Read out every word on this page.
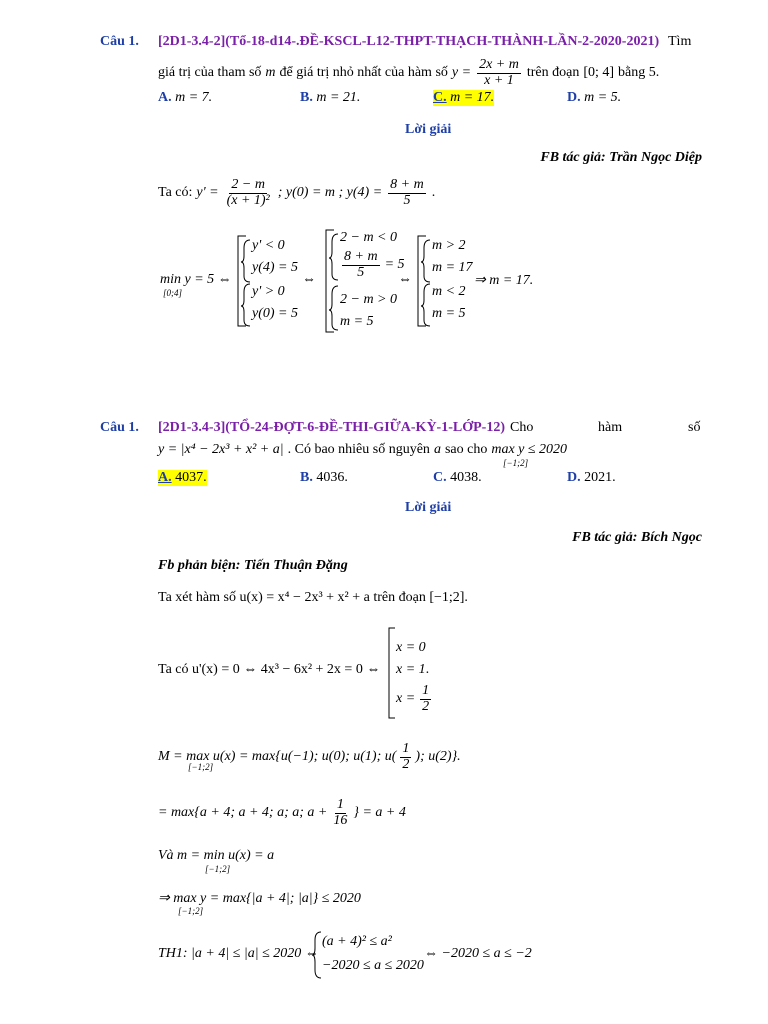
Câu 1. [2D1-3.4-2](Tổ-18-d14-.ĐỀ-KSCL-L12-THPT-THẠCH-THÀNH-LẦN-2-2020-2021) Tìm
giá trị của tham số m để giá trị nhỏ nhất của hàm số $y = \frac{2x + m}{x + 1}$ trên đoạn [0; 4] bằng 5.
A. m = 7.	B. m = 21.	C. m = 17.	D. m = 5.
Lời giải
FB tác giả: Trần Ngọc Diệp
Ta có: $y' = \frac{2 - m}{\text{(x + 1)²}}$ ; y(0) = m ; $y(4) = \frac{8 + m}{5}$ .
min y = 5 ⇔
[0;4]
y' < 0
y(4) = 5
y' > 0
y(0) = 5
⇔
2 − m < 0
$\frac{8 + m}{5} = 5$
2 − m > 0
m = 5
⇔
m > 2
m = 17
m < 2
m = 5
⇒ m = 17.
Câu 1. [2D1-3.4-3](TỔ-24-ĐỢT-6-ĐỀ-THI-GIỮA-KỲ-1-LỚP-12) Cho	hàm	số
y = |x⁴ − 2x³ + x² + a| . Có bao nhiêu số nguyên a sao cho max y ≤ 2020
[−1;2]
A. 4037.	B. 4036.	C. 4038.	D. 2021.
Lời giải
FB tác giả: Bích Ngọc
Fb phản biện: Tiến Thuận Đặng
Ta xét hàm số u(x) = x⁴ − 2x³ + x² + a trên đoạn [−1;2].
Ta có u'(x) = 0 ⇔ 4x³ − 6x² + 2x = 0 ⇔
x = 0
x = 1 .
$x = \frac{1}{2}$
M = max u(x) = max{u(−1); u(0); u(1); $u( \frac{1}{2}$ ); u(2)}.
[−1;2]
= max{a + 4; a + 4; a; a; $a + \frac{1}{16}$ } = a + 4
Và m = min u(x) = a
[−1;2]
⇒ max y = max{|a + 4|; |a|} ≤ 2020
[−1;2]
TH1: |a + 4| ≤ |a| ≤ 2020 ⇔
(a + 4)² ≤ a²
−2020 ≤ a ≤ 2020
⇔ −2020 ≤ a ≤ −2
